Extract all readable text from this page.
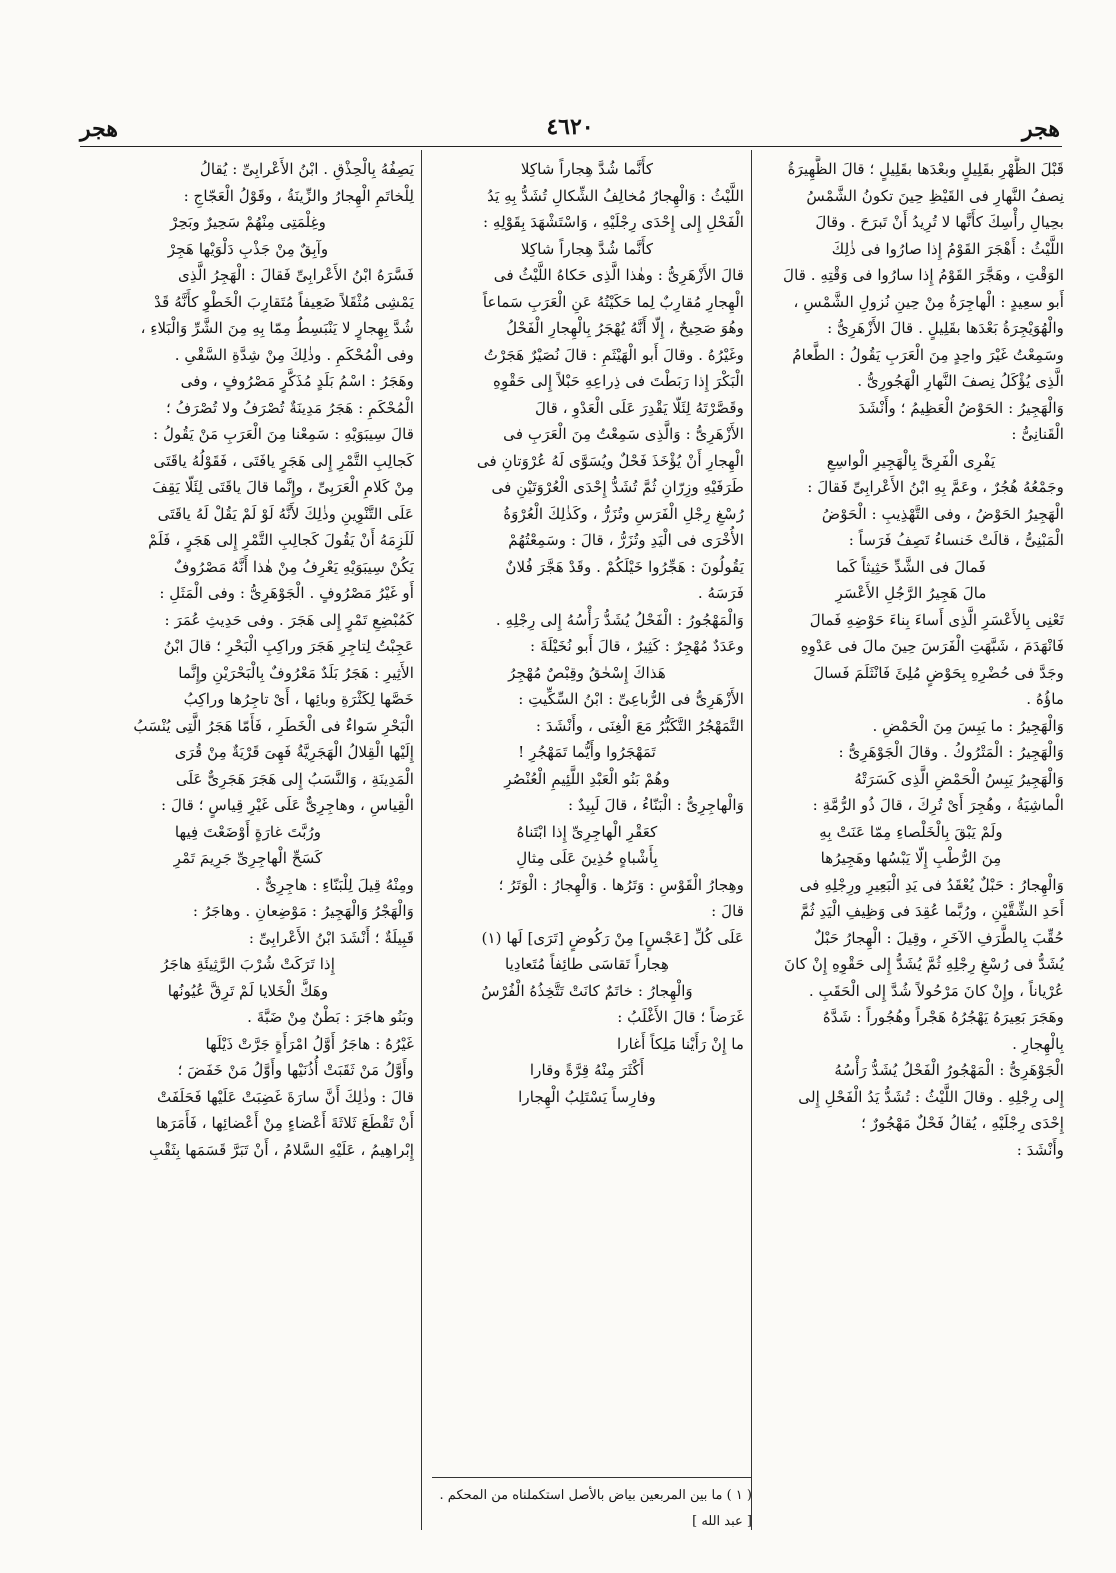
هجر
٤٦٢٠
هجر

قَبْلَ الظُّهْرِ بقَلِيلٍ وبعْدَها بقَلِيلٍ ؛ قالَ الظَّهِيرَةُ

نِصفُ النَّهارِ فى القَيْظِ حِينَ تكونُ الشَّمْسُ

بحِيالِ رأْسِكَ كأَنَّها لا تُرِيدُ أَنْ تَبرَحَ . وقالَ

اللَّيْثُ : أَهْجَرَ القَوْمُ إِذا صارُوا فى ذٰلِكَ

الوَقْتِ ، وهَجَّرَ القَوْمُ إِذا سارُوا فى وَقْتِهِ . قالَ

أَبو سعِيدٍ : الْهاجِرَةُ مِنْ حِينِ نُزولِ الشَّمْسِ ،

والْهُوَيْجِرَةُ بَعْدَها بقَلِيلٍ . قالَ الأَزْهَرِىُّ :

وسَمِعْتُ غَيْرَ واحِدٍ مِنَ الْعَرَبِ يَقُولُ : الطَّعامُ

الَّذِى يُؤْكَلُ نِصفَ النَّهارِ الْهَجُورِىُّ .

وَالْهَجِيرُ : الحَوْضُ الْعَظِيمُ ؛ وأَنْشَدَ

الْقَنانِىُّ :

يَفْرِى الْفَرِىَّ بِالْهَجِيرِ الْواسِعِ

وجَمْعُهُ هُجُرٌ ، وعَمَّ بِهِ ابْنُ الأَعْرابِىِّ فَقالَ :

الْهَجِيرُ الحَوْضُ ، وفى التَّهْذِيبِ : الْحَوْضُ

الْمَبْنِىُّ ، قالَتْ خَنساءُ تَصِفُ فَرَساً :

فَمالَ فى الشَّدِّ حَثِيثاً كَما

مالَ هَجِيرُ الرَّجُلِ الأَعْسَرِ

تَعْنِى بِالأَعْسَرِ الَّذِى أَساءَ بِناءَ حَوْضِهِ فَمالَ

فَانْهَدَمَ ، شَبَّهَتِ الْفَرَسَ حِينَ مالَ فى عَدْوِهِ

وجَدَّ فى حُضْرِهِ بِحَوْضٍ مُلِئَ فَانْثَلَمَ فَسالَ

ماؤُهُ .

وَالْهَجِيرُ : ما يَبِسَ مِنَ الْحَمْضِ .

وَالْهَجِيرُ : الْمَتْرُوكُ . وقالَ الْجَوْهَرِىُّ :

وَالْهَجِيرُ يَبِسُ الْحَمْضِ الَّذِى كَسَرَتْهُ

الْماشِيَةُ ، وهُجِرَ أَىْ تُرِكَ ، قالَ ذُو الرُّمَّةِ :

ولَمْ يَبْقَ بِالْخَلْصاءِ مِمّا عَنَتْ بِهِ

مِنَ الرُّطْبِ إِلّا يَبْسُها وهَجِيرُها

وَالْهِجارُ : حَبْلٌ يُعْقَدُ فى يَدِ الْبَعِيرِ ورِجْلِهِ فى

أَحَدِ الشِّقَّيْنِ ، ورُبَّما عُقِدَ فى وَظِيفِ الْيَدِ ثُمَّ

حُقِّبَ بِالطَّرَفِ الآخَرِ ، وقِيلَ : الْهِجارُ حَبْلٌ

يُشَدُّ فى رُسْغِ رِجْلِهِ ثُمَّ يُشَدُّ إِلى حَقْوِهِ إِنْ كانَ

عُرْياناً ، وإِنْ كانَ مَرْحُولاً شُدَّ إِلى الْحَقَبِ .

وهَجَرَ بَعِيرَهُ يَهْجُرُهُ هَجْراً وهُجُوراً : شَدَّهُ

بِالْهِجارِ .

الْجَوْهَرِىُّ : الْمَهْجُورُ الْفَحْلُ يُشَدُّ رَأْسُهُ

إِلى رِجْلِهِ . وقالَ اللَّيْثُ : تُشَدُّ يَدُ الْفَحْلِ إِلى

إِحْدَى رِجْلَيْهِ ، يُقالُ فَحْلٌ مَهْجُورٌ ؛

وأَنْشَدَ :

كأَنَّما شُدَّ هِجاراً شاكِلا

اللَّيْثُ : وَالْهِجارُ مُخالِفُ الشِّكالِ تُشَدُّ بِهِ يَدُ

الْفَحْلِ إِلى إِحْدَى رِجْلَيْهِ ، وَاسْتَشْهَدَ بِقَوْلِهِ :

كأَنَّما شُدَّ هِجاراً شاكِلا

قالَ الأَزْهَرِىُّ : وهٰذا الَّذِى حَكاهُ اللَّيْثُ فى

الْهِجارِ مُقارِبٌ لِما حَكَيْتُهُ عَنِ الْعَرَبِ سَماعاً

وهُوَ صَحِيحٌ ، إِلّا أَنَّهُ يُهْجَرُ بِالْهِجارِ الْفَحْلُ

وغَيْرُهُ . وقالَ أَبو الْهَيْثَمِ : قالَ نُصَيْرٌ هَجَرْتُ

الْبَكْرَ إِذا رَبَطْتَ فى ذِراعِهِ حَبْلاً إِلى حَقْوِهِ

وقَصَّرْتَهُ لِئَلّا يَقْدِرَ عَلَى الْعَدْوِ ، قالَ

الأَزْهَرِىُّ : وَالَّذِى سَمِعْتُ مِنَ الْعَرَبِ فى

الْهِجارِ أَنْ يُؤْخَذَ فَحْلٌ ويُسَوَّى لَهُ عُرْوَتانِ فى

طَرَفَيْهِ وزِرّانِ ثُمَّ تُشَدُّ إِحْدَى الْعُرْوَتَيْنِ فى

رُسْغِ رِجْلِ الْفَرَسِ وتُزَرُّ ، وكَذٰلِكَ الْعُرْوَةُ

الأُخْرَى فى الْيَدِ وتُزَرُّ ، قالَ : وسَمِعْتُهُمْ

يَقُولُونَ : هَجِّرُوا خَيْلَكُمْ . وقَدْ هَجَّرَ فُلانٌ

فَرَسَهُ .

وَالْمَهْجُورُ : الْفَحْلُ يُشَدُّ رَأْسُهُ إِلى رِجْلِهِ .

وعَدَدٌ مُهْجِرٌ : كَثِيرٌ ، قالَ أَبو نُخَيْلَةَ :

هَذاكَ إِسْحٰقُ وقِبْصٌ مُهْجِرُ

الأَزْهَرِىُّ فى الرُّباعِىِّ : ابْنُ السِّكِّيتِ :

التَّمَهْجُرُ التَّكَبُّرُ مَعَ الْغِنَى ، وأَنْشَدَ :

تَمَهْجَرُوا وأَيُّما تَمَهْجُرِ !

وهُمْ بَنُو الْعَبْدِ اللَّئِيمِ الْعُنْصُرِ

وَالْهاجِرِىُّ : الْبَنّاءُ ، قالَ لَبِيدٌ :

كعَقْرِ الْهاجِرِىِّ إِذا ابْتَناهُ

بِأَشْباهٍ حُذِينَ عَلَى مِثالِ

وهِجارُ الْقَوْسِ : وَتَرُها . وَالْهِجارُ : الْوَتَرُ ؛

قالَ :

عَلَى كُلِّ [عَجْسٍ] مِنْ رَكُوضٍ [تَرَى] لَها (١)

هِجاراً تَقاسَى طائِفاً مُتَعادِيا

وَالْهِجارُ : خاتَمٌ كانَتْ تَتَّخِذُهُ الْفُرْسُ

غَرَضاً ؛ قالَ الأَغْلَبُ :

ما إِنْ رَأَيْنا مَلِكاً أَغارا

أَكْثَرَ مِنْهُ قِرَّةً وقارا

وفارِساً يَسْتَلِبُ الْهِجارا

يَصِفُهُ بِالْحِذْقِ . ابْنُ الأَعْرابِىِّ : يُقالُ

لِلْخاتَمِ الْهِجارُ والزِّينَةُ ، وقَوْلُ الْعَجّاجِ :

وغِلْمَتِى مِنْهُمْ سَحِيرٌ وبَحِرْ

وآبِقٌ مِنْ جَذْبِ دَلْوَيْها هَجِرْ

فَسَّرَهُ ابْنُ الأَعْرابِىِّ فَقالَ : الْهَجِرُ الَّذِى

يَمْشِى مُثْقَلاً ضَعِيفاً مُتَقارِبَ الْخَطْوِ كأَنَّهُ قَدْ

شُدَّ بِهِجارٍ لا يَنْبَسِطُ مِمّا بِهِ مِنَ الشَّرِّ وَالْبَلاءِ ،

وفى الْمُحْكَمِ . وذٰلِكَ مِنْ شِدَّةِ السَّقْىِ .

وهَجَرُ : اسْمُ بَلَدٍ مُذَكَّرٍ مَصْرُوفٍ ، وفى

الْمُحْكَمِ : هَجَرُ مَدِينَةٌ تُصْرَفُ ولا تُصْرَفُ ؛

قالَ سِيبَوَيْهِ : سَمِعْنا مِنَ الْعَرَبِ مَنْ يَقُولُ :

كَجالِبِ التَّمْرِ إِلى هَجَرٍ يافَتَى ، فَقَوْلُهُ ياقَتَى

مِنْ كَلامِ الْعَرَبِىِّ ، وإِنَّما قالَ ياقَتَى لِئَلّا يَقِفَ

عَلَى التَّنْوِينِ وذٰلِكَ لأَنَّهُ لَوْ لَمْ يَقُلْ لَهُ ياقَتَى

لَلَزِمَهُ أَنْ يَقُولَ كَجالِبِ التَّمْرِ إِلى هَجَرٍ ، فَلَمْ

يَكُنْ سِيبَوَيْهِ يَعْرِفُ مِنْ هٰذا أَنَّهُ مَصْرُوفٌ

أَو غَيْرُ مَصْرُوفٍ . الْجَوْهَرِىُّ : وفى الْمَثَلِ :

كَمُبْضِعِ تَمْرٍ إِلى هَجَرَ . وفى حَدِيثِ عُمَرَ :

عَجِبْتُ لِتاجِرِ هَجَرَ وراكِبِ الْبَحْرِ ؛ قالَ ابْنُ

الأَثِيرِ : هَجَرُ بَلَدٌ مَعْرُوفٌ بِالْبَحْرَيْنِ وإِنَّما

خَصَّها لِكَثْرَةِ وبائِها ، أَىْ تاجِرُها وراكِبُ

الْبَحْرِ سَواءٌ فى الْخَطَرِ ، فَأَمّا هَجَرُ الَّتِى يُنْسَبُ

إِلَيْها الْقِلالُ الْهَجَرِيَّةُ فَهِىَ قَرْيَةٌ مِنْ قُرَى

الْمَدِينَةِ ، وَالنَّسَبُ إِلى هَجَرَ هَجَرِىٌّ عَلَى

الْقِياسِ ، وهاجِرِىٌّ عَلَى غَيْرِ قِياسٍ ؛ قالَ :

ورُبَّتَ غارَةٍ أَوْضَعْتَ فِيها

كَسَحِّ الْهاجِرِىِّ جَرِيمَ تَمْرِ

ومِنْهُ قِيلَ لِلْبَنّاءِ : هاجِرِىٌّ .

وَالْهَجْرُ وَالْهَجِيرُ : مَوْضِعانِ . وهاجَرُ :

قَبِيلَةٌ ؛ أَنْشَدَ ابْنُ الأَعْرابِىِّ :

إِذا تَرَكَتْ شُرْبَ الرَّثِيئَةِ هاجَرُ

وهَكَّ الْخَلايا لَمْ تَرِقَّ عُيُونُها

وبَنُو هاجَرَ : بَطْنٌ مِنْ ضَبَّةَ .

غَيْرُهُ : هاجَرُ أَوَّلُ امْرَأَةٍ جَرَّتْ ذَيْلَها

وأَوَّلُ مَنْ ثَقَبَتْ أُذُنَيْها وأَوَّلُ مَنْ خَفَضَ ؛

قالَ : وذٰلِكَ أَنَّ سارَةَ غَضِبَتْ عَلَيْها فَحَلَفَتْ

أَنْ تَقْطَعَ ثَلاثَةَ أَعْضاءٍ مِنْ أَعْضائِها ، فَأَمَرَها

إِبْراهِيمُ ، عَلَيْهِ السَّلامُ ، أَنْ تَبَرَّ قَسَمَها بِثَقْبِ

( ١ ) ما بين المربعين بياض بالأصل استكملناه من المحكم . [ عبد الله ]
